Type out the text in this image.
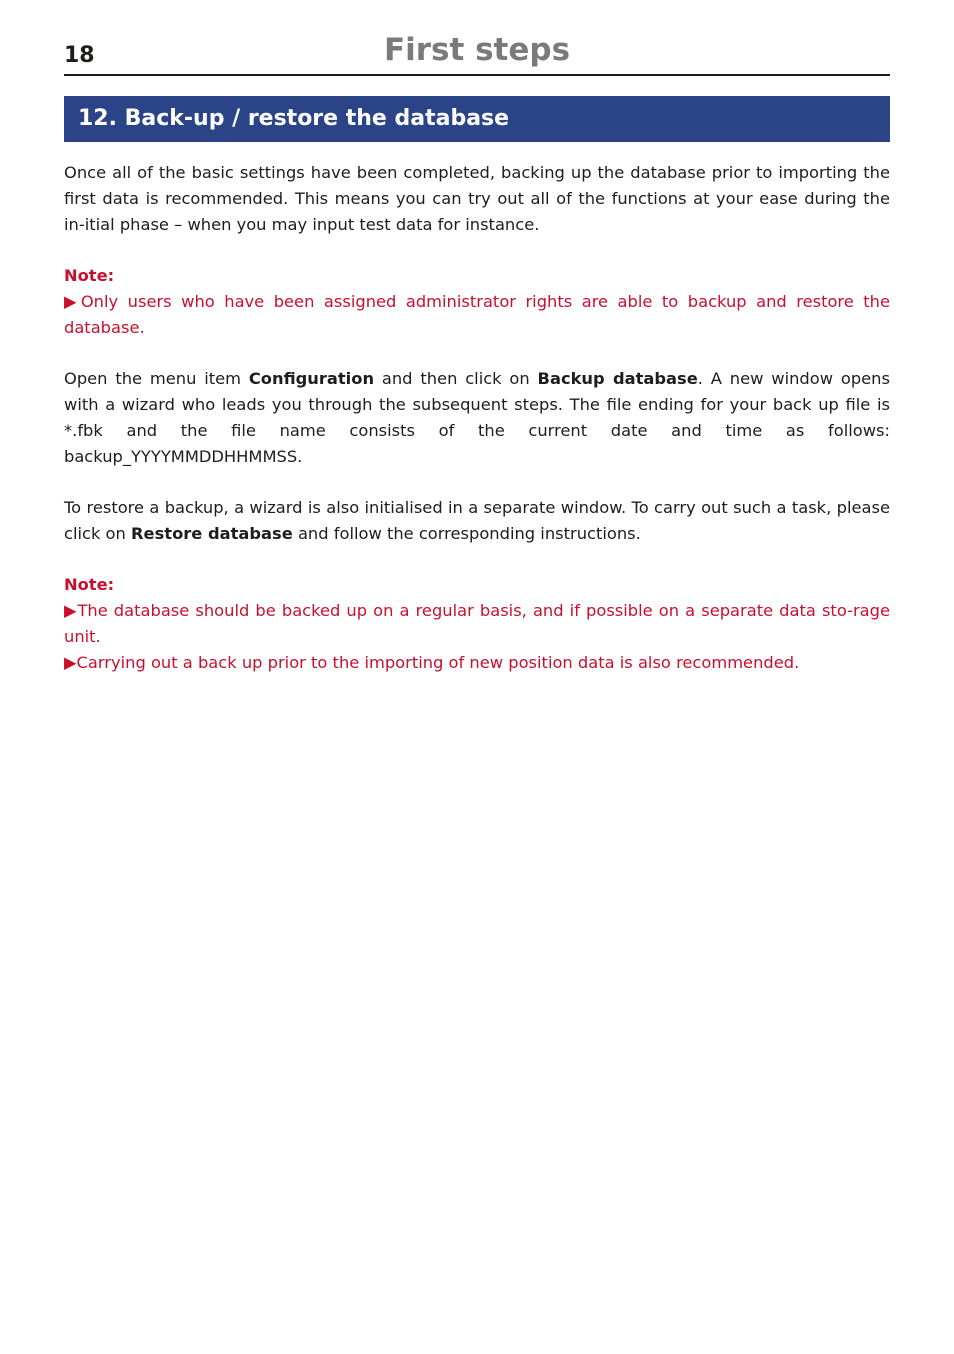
18	First steps
12. Back-up / restore the database

Once all of the basic settings have been completed, backing up the database prior to importing the first data is recommended. This means you can try out all of the functions at your ease during the in-itial phase – when you may input test data for instance.

Note:

▶Only users who have been assigned administrator rights are able to backup and restore the database.

Open the menu item Configuration and then click on Backup database. A new window opens with a wizard who leads you through the subsequent steps. The file ending for your back up file is *.fbk and the file name consists of the current date and time as follows: backup_YYYYMMDDHHMMSS.

To restore a backup, a wizard is also initialised in a separate window. To carry out such a task, please click on Restore database and follow the corresponding instructions.

Note:

▶The database should be backed up on a regular basis, and if possible on a separate data sto-rage unit.

▶Carrying out a back up prior to the importing of new position data is also recommended.
